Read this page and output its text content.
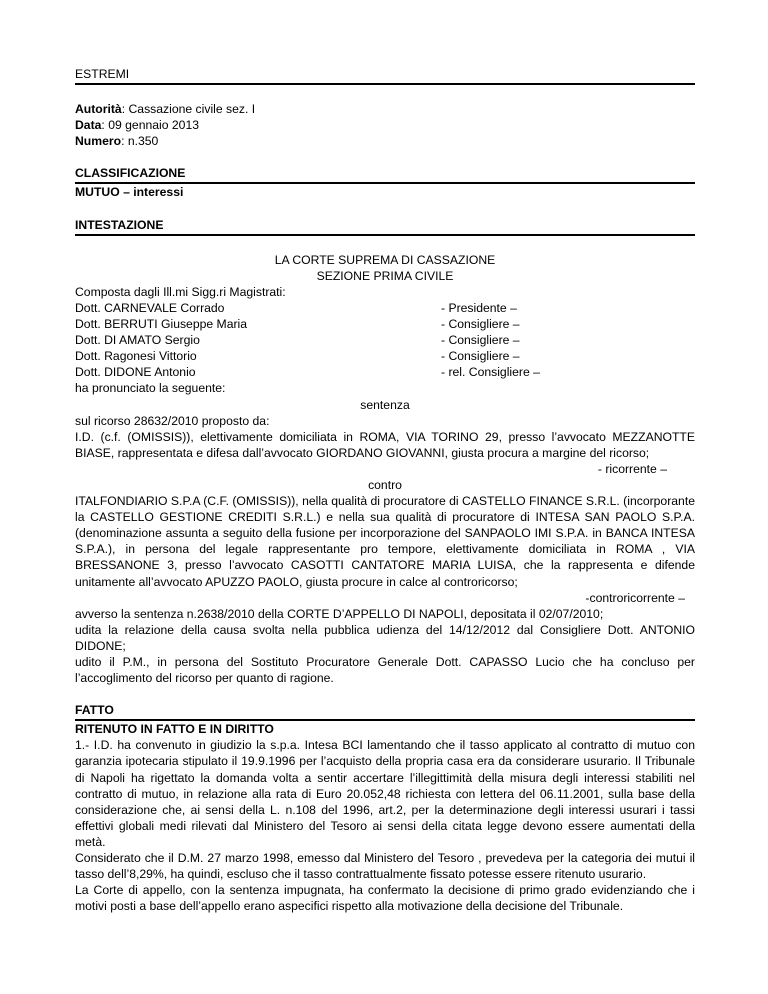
ESTREMI
Autorità: Cassazione civile sez. I
Data: 09 gennaio 2013
Numero: n.350
CLASSIFICAZIONE
MUTUO – interessi
INTESTAZIONE
LA CORTE SUPREMA DI CASSAZIONE
SEZIONE PRIMA CIVILE
Composta dagli Ill.mi Sigg.ri Magistrati:
Dott. CARNEVALE Corrado	- Presidente –
Dott. BERRUTI Giuseppe Maria	- Consigliere –
Dott. DI AMATO Sergio	- Consigliere –
Dott. Ragonesi Vittorio	- Consigliere –
Dott. DIDONE Antonio	- rel. Consigliere –
ha pronunciato la seguente:
sentenza
sul ricorso 28632/2010 proposto da:
I.D. (c.f. (OMISSIS)), elettivamente domiciliata in ROMA, VIA TORINO 29, presso l’avvocato MEZZANOTTE BIASE, rappresentata e difesa dall’avvocato GIORDANO GIOVANNI, giusta procura a margine del ricorso;
- ricorrente –
contro
ITALFONDIARIO S.P.A (C.F. (OMISSIS)), nella qualità di procuratore di CASTELLO FINANCE S.R.L. (incorporante la CASTELLO GESTIONE CREDITI S.R.L.) e nella sua qualità di procuratore di INTESA SAN PAOLO S.P.A. (denominazione assunta a seguito della fusione per incorporazione del SANPAOLO IMI S.P.A. in BANCA INTESA S.P.A.), in persona del legale rappresentante pro tempore, elettivamente domiciliata in ROMA , VIA BRESSANONE 3, presso l’avvocato CASOTTI CANTATORE MARIA LUISA, che la rappresenta e difende unitamente all’avvocato APUZZO PAOLO, giusta procure in calce al controricorso;
-controricorrente –
avverso la sentenza n.2638/2010 della CORTE D’APPELLO DI NAPOLI, depositata il 02/07/2010;
udita la relazione della causa svolta nella pubblica udienza del 14/12/2012 dal Consigliere Dott. ANTONIO DIDONE;
udito il P.M., in persona del Sostituto Procuratore Generale Dott. CAPASSO Lucio che ha concluso per l’accoglimento del ricorso per quanto di ragione.
FATTO
RITENUTO IN FATTO E IN DIRITTO
1.- I.D. ha convenuto in giudizio la s.p.a. Intesa BCI lamentando che il tasso applicato al contratto di mutuo con garanzia ipotecaria stipulato il 19.9.1996 per l’acquisto della propria casa era da considerare usurario. Il Tribunale di Napoli ha rigettato la domanda volta a sentir accertare l’illegittimità della misura degli interessi stabiliti nel contratto di mutuo, in relazione alla rata di Euro 20.052,48 richiesta con lettera del 06.11.2001, sulla base della considerazione che, ai sensi della L. n.108 del 1996, art.2, per la determinazione degli interessi usurari i tassi effettivi globali medi rilevati dal Ministero del Tesoro ai sensi della citata legge devono essere aumentati della metà.
Considerato che il D.M. 27 marzo 1998, emesso dal Ministero del Tesoro , prevedeva per la categoria dei mutui il tasso dell’8,29%, ha quindi, escluso che il tasso contrattualmente fissato potesse essere ritenuto usurario.
La Corte di appello, con la sentenza impugnata, ha confermato la decisione di primo grado evidenziando che i motivi posti a base dell’appello erano aspecifici rispetto alla motivazione della decisione del Tribunale.
